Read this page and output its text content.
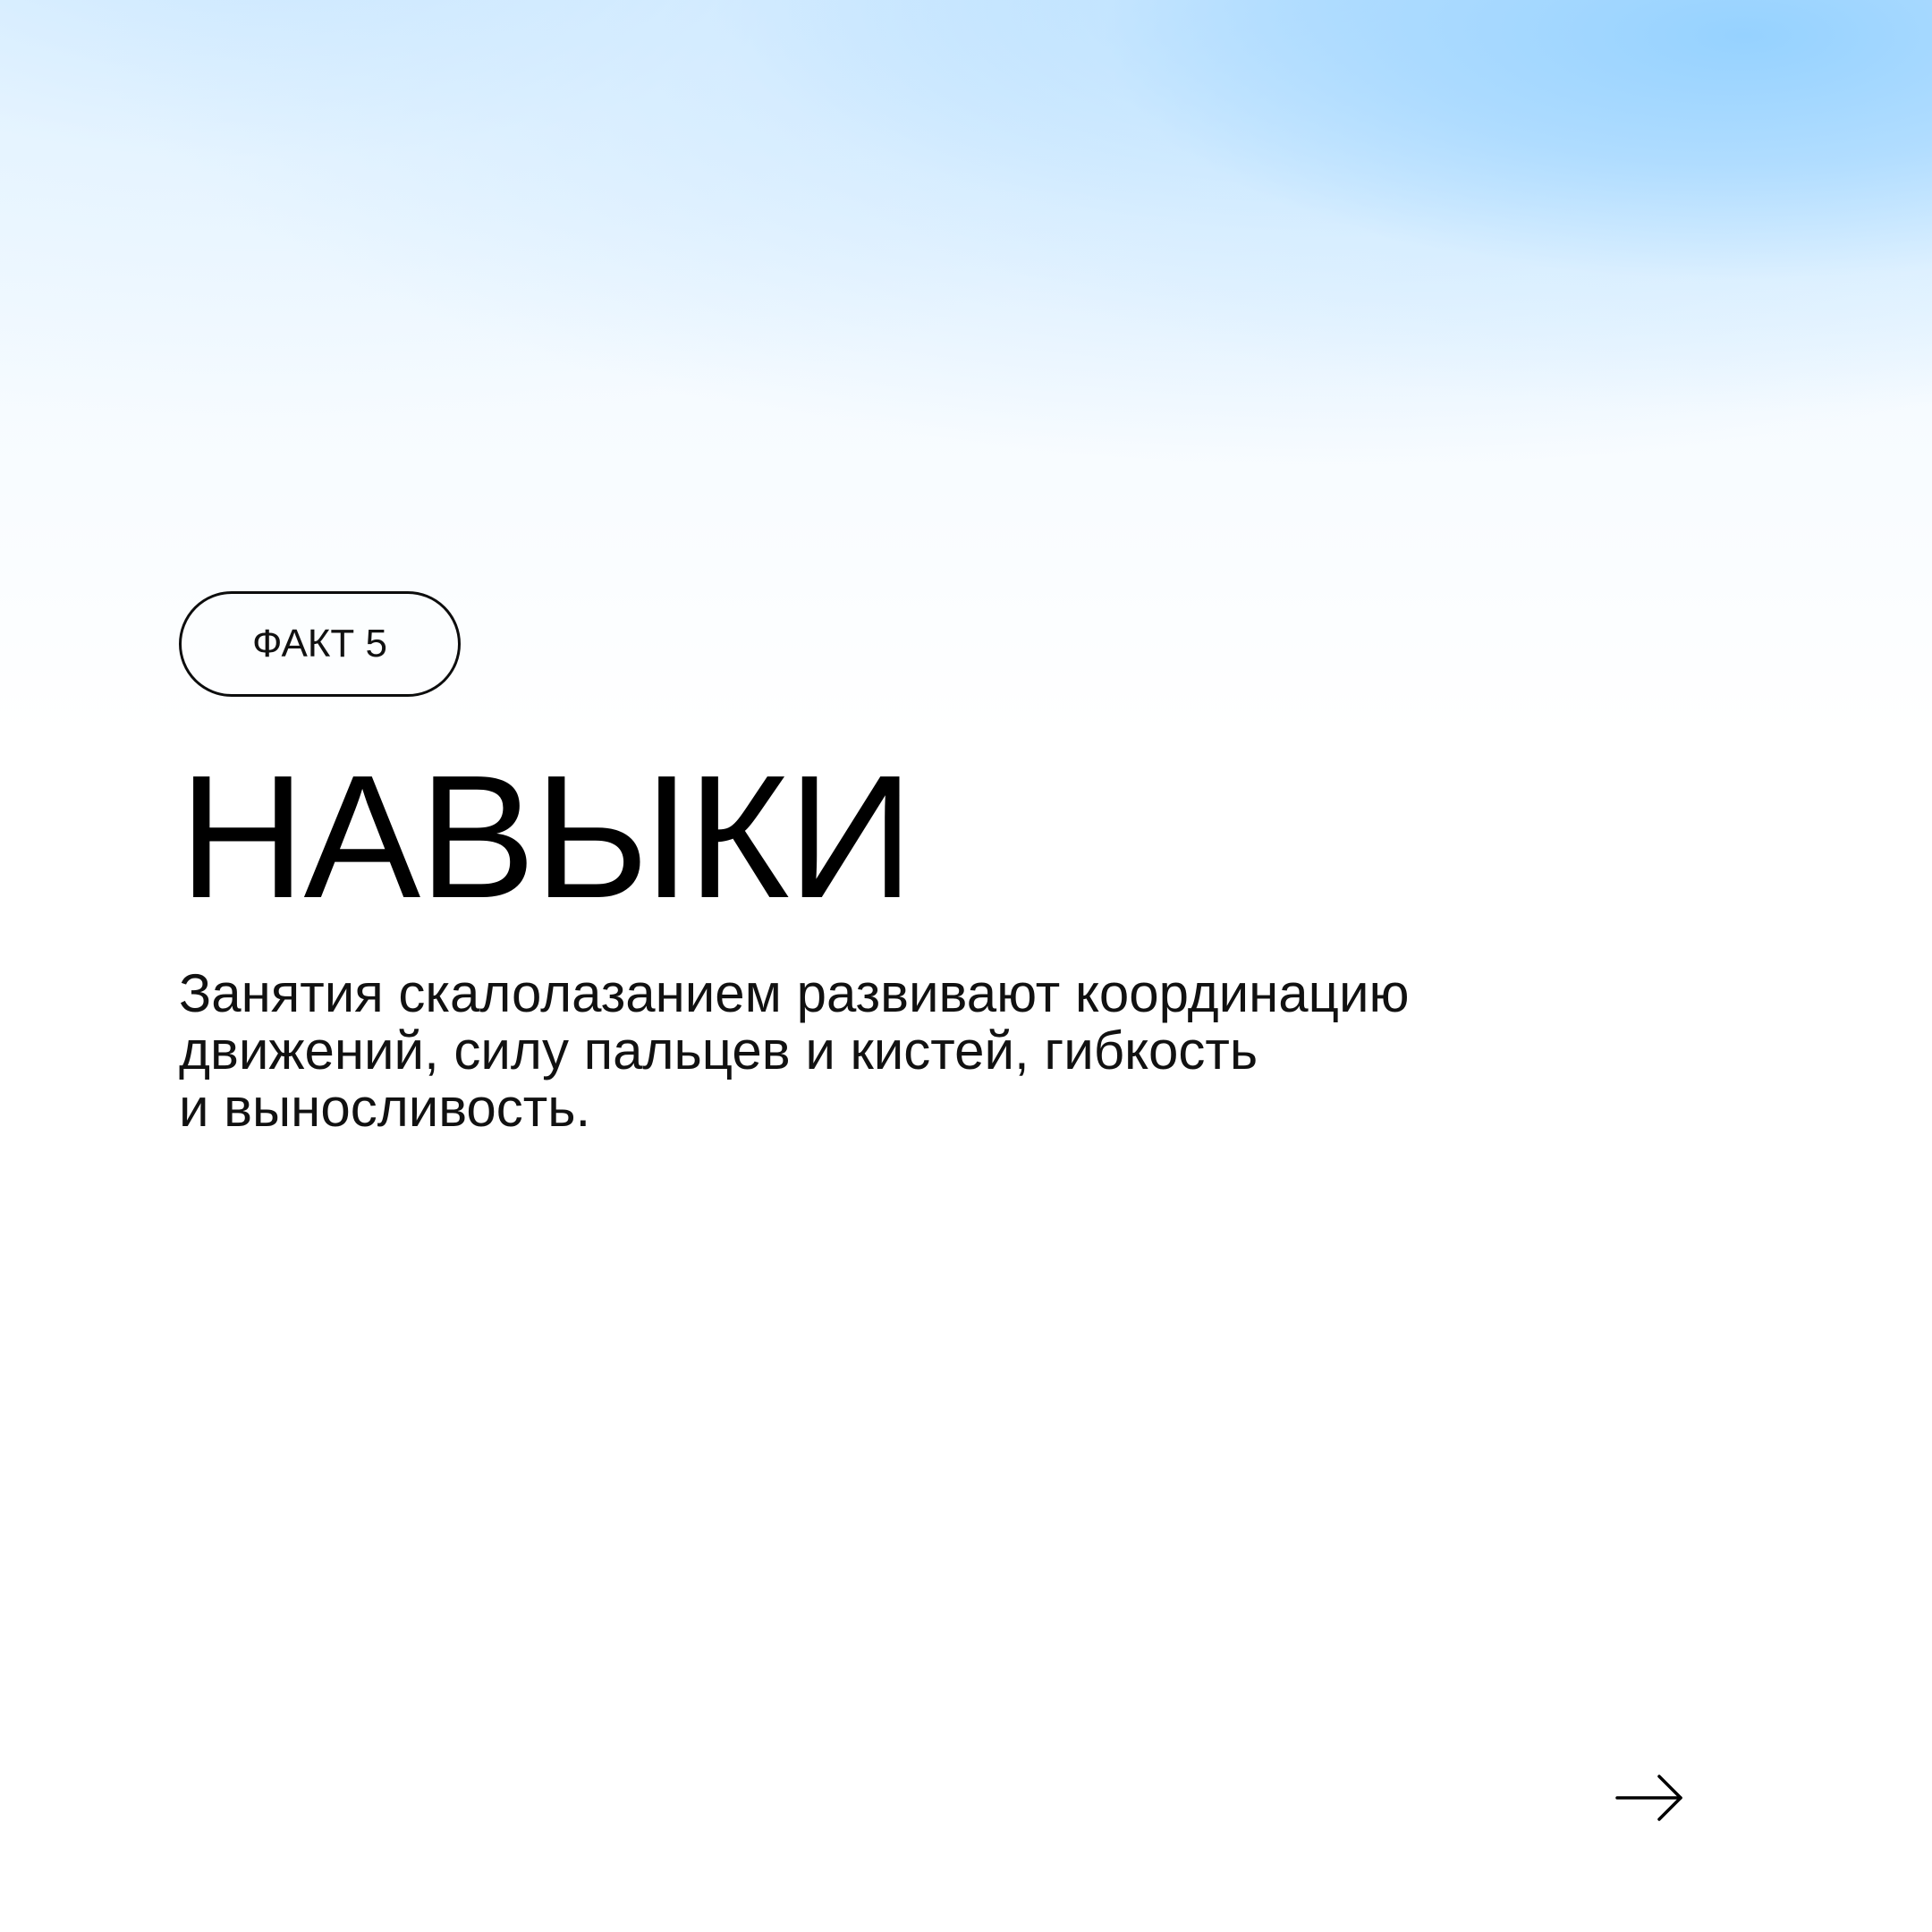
ФАКТ 5
НАВЫКИ

Занятия скалолазанием развивают координацию
движений, силу пальцев и кистей, гибкость
и выносливость.
